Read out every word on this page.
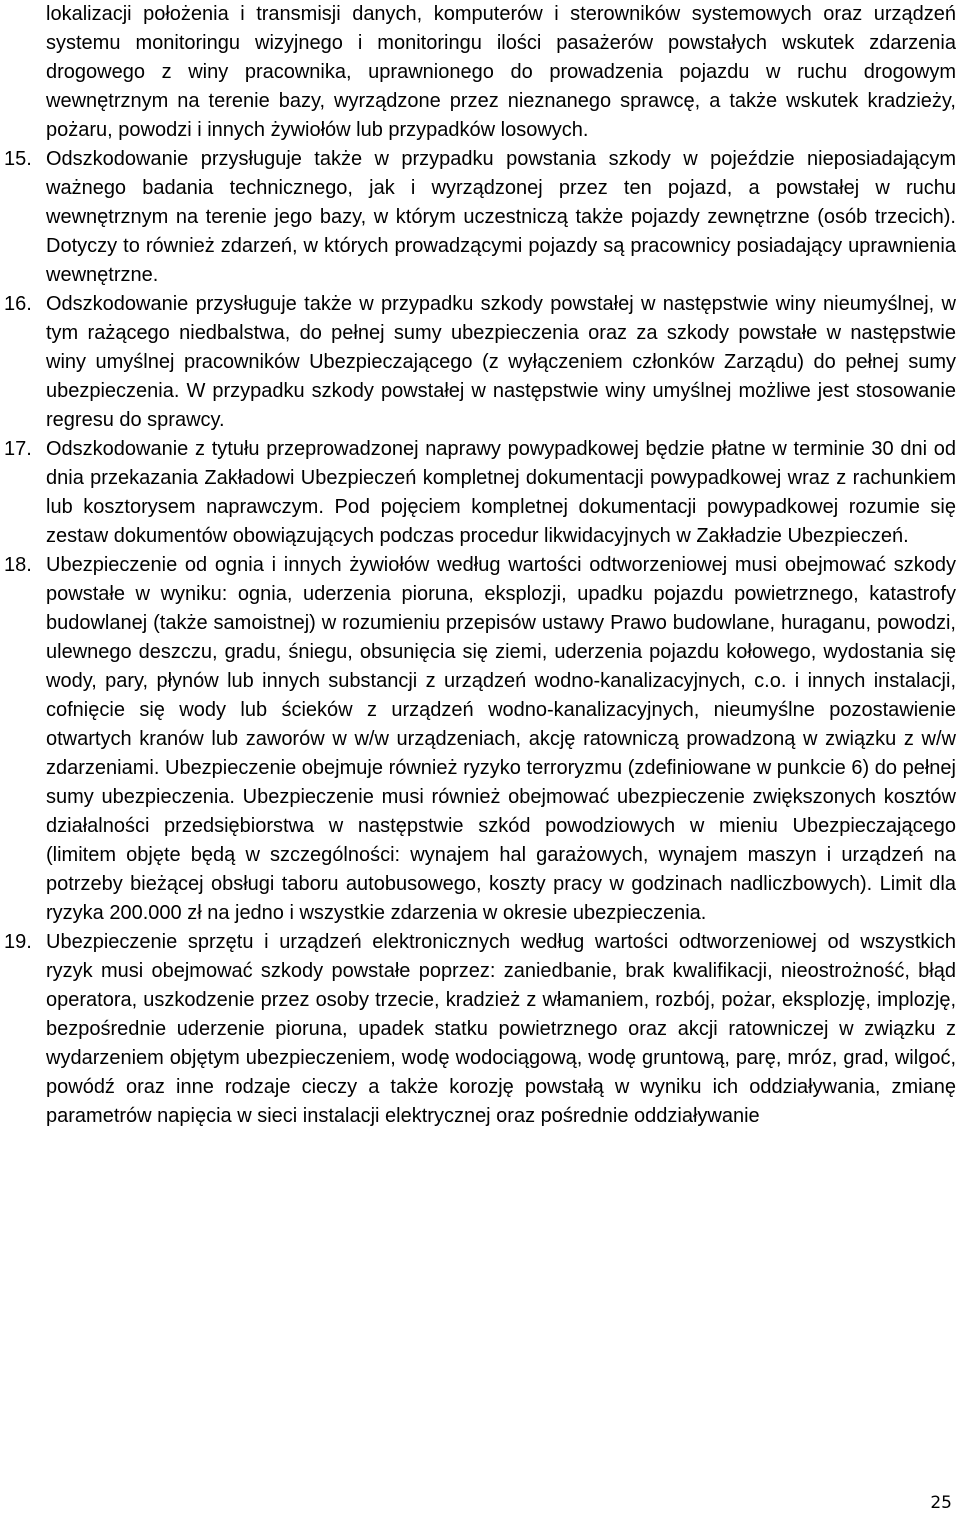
lokalizacji położenia i transmisji danych, komputerów i sterowników systemowych oraz urządzeń systemu monitoringu wizyjnego i monitoringu ilości pasażerów powstałych wskutek zdarzenia drogowego z winy pracownika, uprawnionego do prowadzenia pojazdu w ruchu drogowym wewnętrznym na terenie bazy, wyrządzone przez nieznanego sprawcę, a także wskutek kradzieży, pożaru, powodzi i innych żywiołów lub przypadków losowych.

15. Odszkodowanie przysługuje także w przypadku powstania szkody w pojeździe nieposiadającym ważnego badania technicznego, jak i wyrządzonej przez ten pojazd, a powstałej w ruchu wewnętrznym na terenie jego bazy, w którym uczestniczą także pojazdy zewnętrzne (osób trzecich). Dotyczy to również zdarzeń, w których prowadzącymi pojazdy są pracownicy posiadający uprawnienia wewnętrzne.
16. Odszkodowanie przysługuje także w przypadku szkody powstałej w następstwie winy nieumyślnej, w tym rażącego niedbalstwa, do pełnej sumy ubezpieczenia oraz za szkody powstałe w następstwie winy umyślnej pracowników Ubezpieczającego (z wyłączeniem członków Zarządu) do pełnej sumy ubezpieczenia. W przypadku szkody powstałej w następstwie winy umyślnej możliwe jest stosowanie regresu do sprawcy.
17. Odszkodowanie z tytułu przeprowadzonej naprawy powypadkowej będzie płatne w terminie 30 dni od dnia przekazania Zakładowi Ubezpieczeń kompletnej dokumentacji powypadkowej wraz z rachunkiem lub kosztorysem naprawczym. Pod pojęciem kompletnej dokumentacji powypadkowej rozumie się zestaw dokumentów obowiązujących podczas procedur likwidacyjnych w Zakładzie Ubezpieczeń.
18. Ubezpieczenie od ognia i innych żywiołów według wartości odtworzeniowej musi obejmować szkody powstałe w wyniku: ognia, uderzenia pioruna, eksplozji, upadku pojazdu powietrznego, katastrofy budowlanej (także samoistnej) w rozumieniu przepisów ustawy Prawo budowlane, huraganu, powodzi, ulewnego deszczu, gradu, śniegu, obsunięcia się ziemi, uderzenia pojazdu kołowego, wydostania się wody, pary, płynów lub innych substancji z urządzeń wodno-kanalizacyjnych, c.o. i innych instalacji, cofnięcie się wody lub ścieków z urządzeń wodno-kanalizacyjnych, nieumyślne pozostawienie otwartych kranów lub zaworów w w/w urządzeniach, akcję ratowniczą prowadzoną w związku z w/w zdarzeniami. Ubezpieczenie obejmuje również ryzyko terroryzmu (zdefiniowane w punkcie 6) do pełnej sumy ubezpieczenia. Ubezpieczenie musi również obejmować ubezpieczenie zwiększonych kosztów działalności przedsiębiorstwa w następstwie szkód powodziowych w mieniu Ubezpieczającego (limitem objęte będą w szczególności: wynajem hal garażowych, wynajem maszyn i urządzeń na potrzeby bieżącej obsługi taboru autobusowego, koszty pracy w godzinach nadliczbowych). Limit dla ryzyka 200.000 zł na jedno i wszystkie zdarzenia w okresie ubezpieczenia.
19. Ubezpieczenie sprzętu i urządzeń elektronicznych według wartości odtworzeniowej od wszystkich ryzyk musi obejmować szkody powstałe poprzez: zaniedbanie, brak kwalifikacji, nieostrożność, błąd operatora, uszkodzenie przez osoby trzecie, kradzież z włamaniem, rozbój, pożar, eksplozję, implozję, bezpośrednie uderzenie pioruna, upadek statku powietrznego oraz akcji ratowniczej w związku z wydarzeniem objętym ubezpieczeniem, wodę wodociągową, wodę gruntową, parę, mróz, grad, wilgoć, powódź oraz inne rodzaje cieczy a także korozję powstałą w wyniku ich oddziaływania, zmianę parametrów napięcia w sieci instalacji elektrycznej oraz pośrednie oddziaływanie
25
